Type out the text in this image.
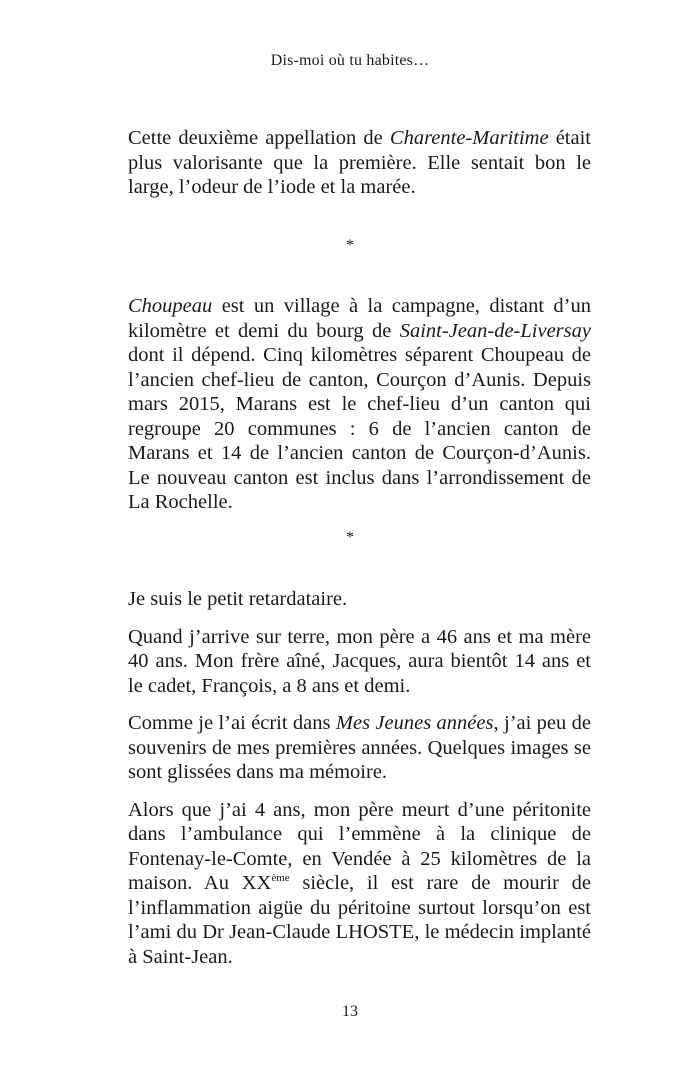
Dis-moi où tu habites…

Cette deuxième appellation de Charente-Maritime était plus valorisante que la première. Elle sentait bon le large, l’odeur de l’iode et la marée.

*

Choupeau est un village à la campagne, distant d’un kilomètre et demi du bourg de Saint-Jean-de-Liversay dont il dépend. Cinq kilomètres séparent Choupeau de l’ancien chef-lieu de canton, Courçon d’Aunis. Depuis mars 2015, Marans est le chef-lieu d’un canton qui regroupe 20 communes : 6 de l’ancien canton de Marans et 14 de l’ancien canton de Courçon-d’Aunis. Le nouveau canton est inclus dans l’arrondissement de La Rochelle.

*

Je suis le petit retardataire.

Quand j’arrive sur terre, mon père a 46 ans et ma mère 40 ans. Mon frère aîné, Jacques, aura bientôt 14 ans et le cadet, François, a 8 ans et demi.

Comme je l’ai écrit dans Mes Jeunes années, j’ai peu de souvenirs de mes premières années. Quelques images se sont glissées dans ma mémoire.

Alors que j’ai 4 ans, mon père meurt d’une péritonite dans l’ambulance qui l’emmène à la clinique de Fontenay-le-Comte, en Vendée à 25 kilomètres de la maison. Au XXème siècle, il est rare de mourir de l’inflammation aigüe du péritoine surtout lorsqu’on est l’ami du Dr Jean-Claude LHOSTE, le médecin implanté à Saint-Jean.

13
